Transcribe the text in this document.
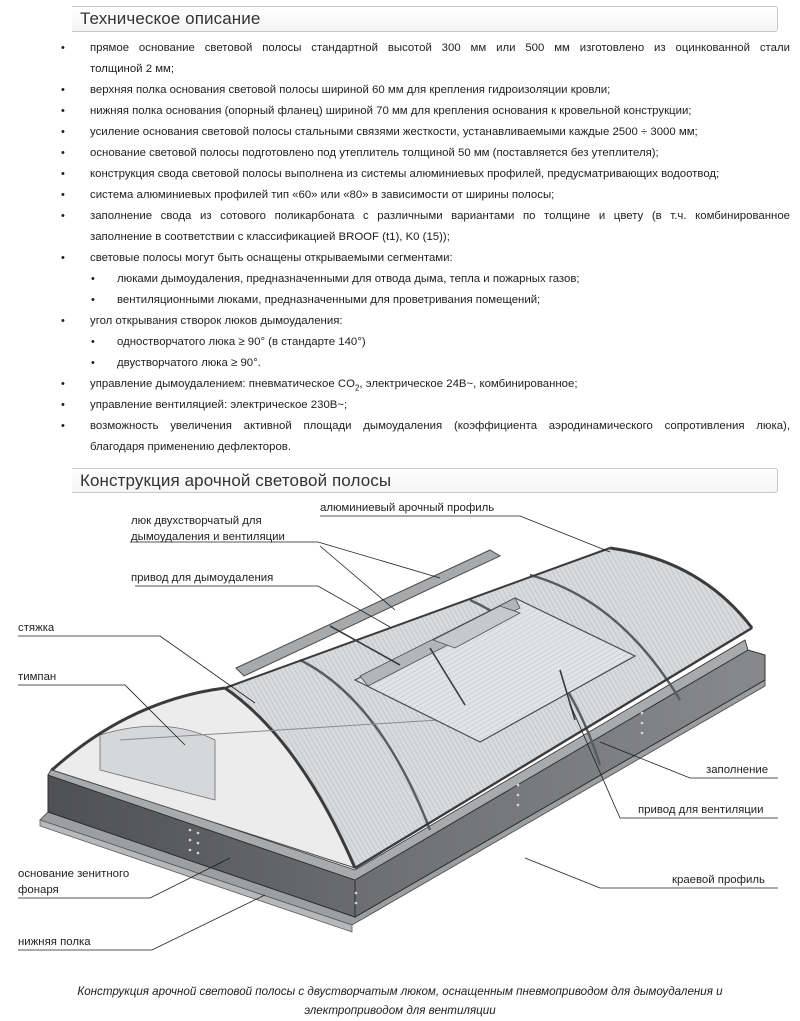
Техническое описание
• прямое основание световой полосы стандартной высотой 300 мм или 500 мм изготовлено из оцинкованной стали
толщиной 2 мм;
• верхняя полка основания световой полосы шириной 60 мм для крепления гидроизоляции кровли;
• нижняя полка основания (опорный фланец) шириной 70 мм для крепления основания к кровельной конструкции;
• усиление основания световой полосы стальными связями жесткости, устанавливаемыми каждые 2500 ÷ 3000 мм;
• основание световой полосы подготовлено под утеплитель толщиной 50 мм (поставляется без утеплителя);
• конструкция свода световой полосы выполнена из системы алюминиевых профилей, предусматривающих водоотвод;
• система алюминиевых профилей тип «60» или «80» в зависимости от ширины полосы;
• заполнение свода из сотового поликарбоната с различными вариантами по толщине и цвету (в т.ч. комбинированное
заполнение в соответствии с классификацией BROOF (t1), K0 (15));
• световые полосы могут быть оснащены открываемыми сегментами:
• люками дымоудаления, предназначенными для отвода дыма, тепла и пожарных газов;
• вентиляционными люками, предназначенными для проветривания помещений;
• угол открывания створок люков дымоудаления:
• одностворчатого люка ≥ 90° (в стандарте 140°)
• двустворчатого люка ≥ 90°.
• управление дымоудалением: пневматическое $CO_2$, электрическое 24В~, комбинированное;
• управление вентиляцией: электрическое 230В~;
• возможность увеличения активной площади дымоудаления (коэффициента аэродинамического сопротивления люка),
благодаря применению дефлекторов.
Конструкция арочной световой полосы
алюминиевый арочный профиль
люк двухстворчатый для
дымоудаления и вентиляции
привод для дымоудаления
стяжка
тимпан
заполнение
привод для вентиляции
краевой профиль
основание зенитного
фонаря
нижняя полка
Конструкция арочной световой полосы с двустворчатым люком, оснащенным пневмоприводом для дымоудаления и
электроприводом для вентиляции
